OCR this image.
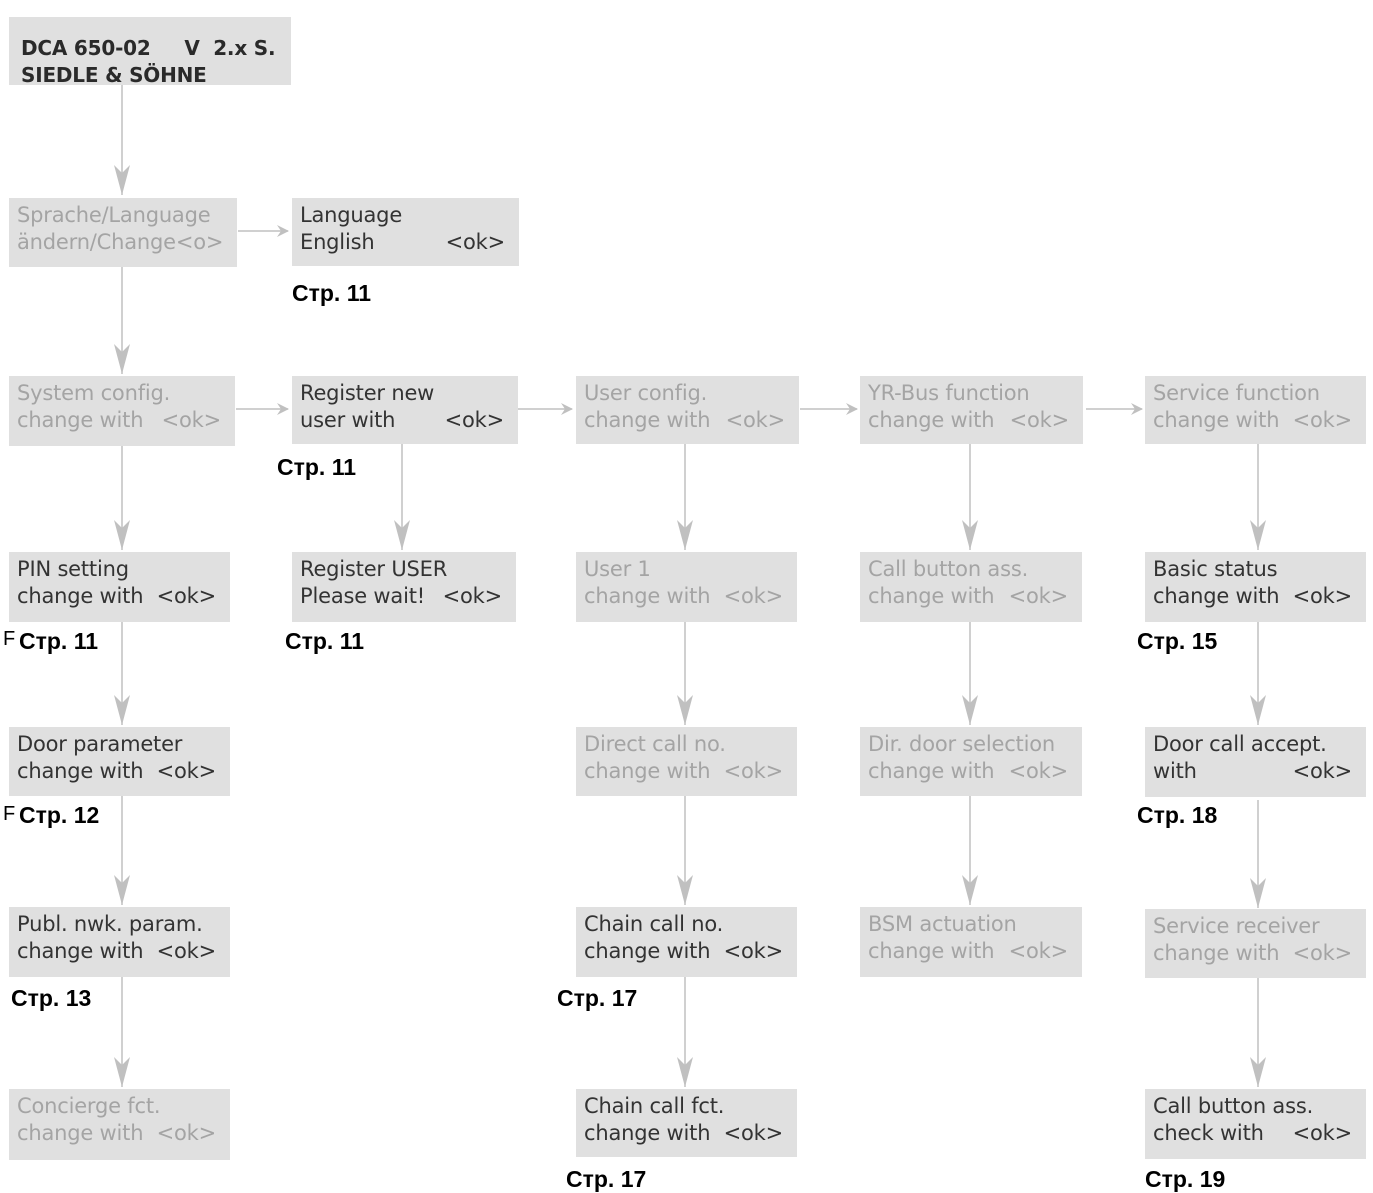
DCA 650-02     V  2.x S.
SIEDLE & SÖHNE
Sprache/Language
ändern/Change<o>
System config.
change with <ok>
PIN setting
change with <ok>
Door parameter
change with <ok>
Publ. nwk. param.
change with <ok>
Concierge fct.
change with <ok>
Language
English	<ok>
Register new
user with <ok>
Register USER
Please wait! <ok>
User config.
change with <ok>
User 1
change with <ok>
Direct call no.
change with <ok>
Chain call no.
change with <ok>
Chain call fct.
change with <ok>
YR-Bus function
change with <ok>
Call button ass.
change with <ok>
Dir. door selection
change with <ok>
BSM actuation
change with <ok>
Service function
change with <ok>
Basic status
change with <ok>
Door call accept.
with	<ok>
Service receiver
change with <ok>
Call button ass.
check with <ok>
Стр. 11
Стр. 11
Стр. 11	Стр. 11	Стр. 15
Стр. 12	Стр. 18
Стр. 13	Стр. 17
Стр. 17	Стр. 19
F
F
